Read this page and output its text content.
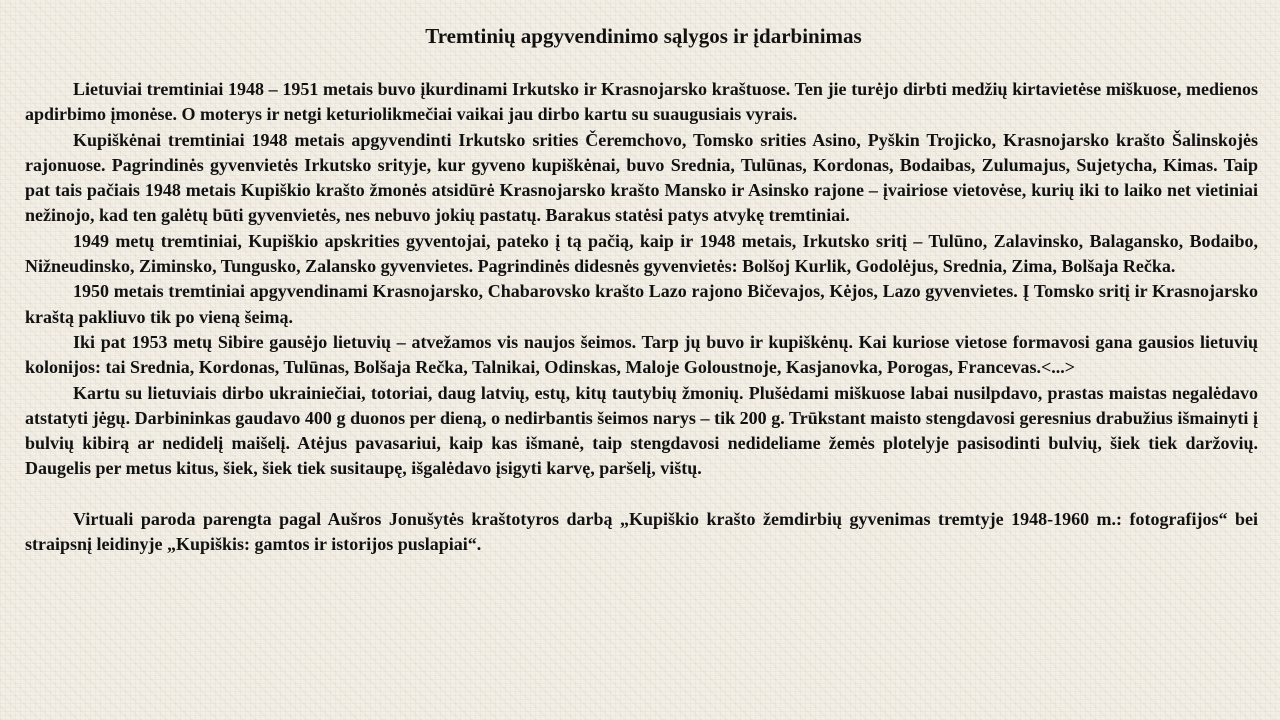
Tremtinių apgyvendinimo sąlygos ir įdarbinimas

Lietuviai tremtiniai 1948 – 1951 metais buvo įkurdinami Irkutsko ir Krasnojarsko kraštuose. Ten jie turėjo dirbti medžių kirtavietėse miškuose, medienos apdirbimo įmonėse. O moterys ir netgi keturiolikmečiai vaikai jau dirbo kartu su suaugusiais vyrais.

Kupiškėnai tremtiniai 1948 metais apgyvendinti Irkutsko srities Čeremchovo, Tomsko srities Asino, Pyškin Trojicko, Krasnojarsko krašto Šalinskojės rajonuose. Pagrindinės gyvenvietės Irkutsko srityje, kur gyveno kupiškėnai, buvo Srednia, Tulūnas, Kordonas, Bodaibas, Zulumajus, Sujetycha, Kimas. Taip pat tais pačiais 1948 metais Kupiškio krašto žmonės atsidūrė Krasnojarsko krašto Mansko ir Asinsko rajone – įvairiose vietovėse, kurių iki to laiko net vietiniai nežinojo, kad ten galėtų būti gyvenvietės, nes nebuvo jokių pastatų. Barakus statėsi patys atvykę tremtiniai.

1949 metų tremtiniai, Kupiškio apskrities gyventojai, pateko į tą pačią, kaip ir 1948 metais, Irkutsko sritį – Tulūno, Zalavinsko, Balagansko, Bodaibo, Nižneudinsko, Ziminsko, Tungusko, Zalansko gyvenvietes. Pagrindinės didesnės gyvenvietės: Bolšoj Kurlik, Godolėjus, Srednia, Zima, Bolšaja Rečka.

1950 metais tremtiniai apgyvendinami Krasnojarsko, Chabarovsko krašto Lazo rajono Bičevajos, Kėjos, Lazo gyvenvietes. Į Tomsko sritį ir Krasnojarsko kraštą pakliuvo tik po vieną šeimą.

Iki pat 1953 metų Sibire gausėjo lietuvių – atvežamos vis naujos šeimos. Tarp jų buvo ir kupiškėnų. Kai kuriose vietose formavosi gana gausios lietuvių kolonijos: tai Srednia, Kordonas, Tulūnas, Bolšaja Rečka, Talnikai, Odinskas, Maloje Goloustnoje, Kasjanovka, Porogas, Francevas.<...>

Kartu su lietuviais dirbo ukrainiečiai, totoriai, daug latvių, estų, kitų tautybių žmonių. Plušėdami miškuose labai nusilpdavo, prastas maistas negalėdavo atstatyti jėgų. Darbininkas gaudavo 400 g duonos per dieną, o nedirbantis šeimos narys – tik 200 g. Trūkstant maisto stengdavosi geresnius drabužius išmainyti į bulvių kibirą ar nedidelį maišelį. Atėjus pavasariui, kaip kas išmanė, taip stengdavosi nedideliame žemės plotelyje pasisodinti bulvių, šiek tiek daržovių. Daugelis per metus kitus, šiek, šiek tiek susitaupę, išgalėdavo įsigyti karvę, paršelį, vištų.

Virtuali paroda parengta pagal Aušros Jonušytės kraštotyros darbą „Kupiškio krašto žemdirbių gyvenimas tremtyje 1948-1960 m.: fotografijos“ bei straipsnį leidinyje „Kupiškis: gamtos ir istorijos puslapiai“.
